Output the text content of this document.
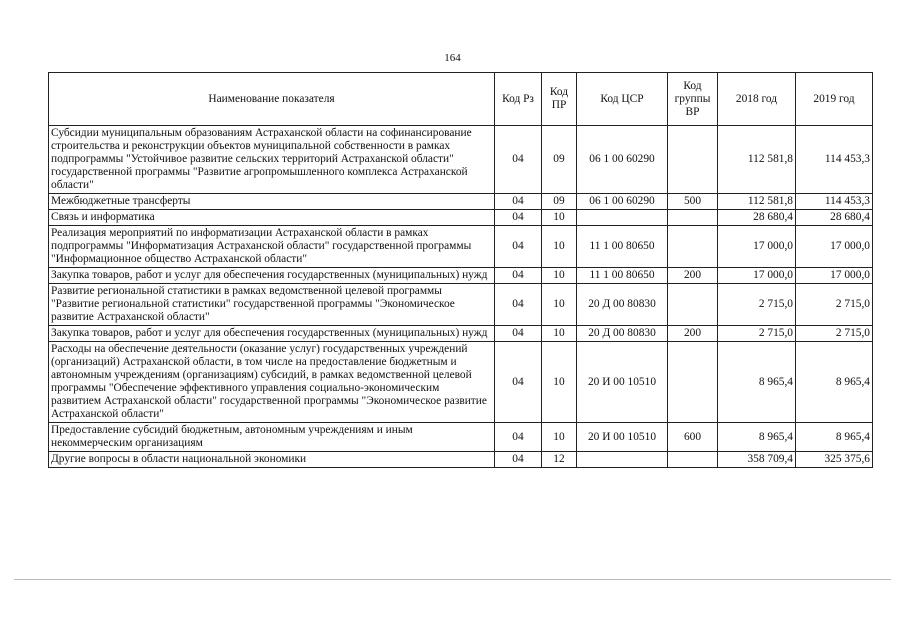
164
Наименование показателя	Код Рз	Код ПР	Код ЦСР	Код группы ВР	2018 год	2019 год
Субсидии муниципальным образованиям Астраханской области на софинансирование строительства и реконструкции объектов муниципальной собственности в рамках подпрограммы "Устойчивое развитие сельских территорий Астраханской области" государственной программы "Развитие агропромышленного комплекса Астраханской области"	04	09	06 1 00 60290		112 581,8	114 453,3
Межбюджетные трансферты	04	09	06 1 00 60290	500	112 581,8	114 453,3
Связь и информатика	04	10			28 680,4	28 680,4
Реализация мероприятий по информатизации Астраханской области в рамках подпрограммы "Информатизация Астраханской области" государственной программы "Информационное общество Астраханской области"	04	10	11 1 00 80650		17 000,0	17 000,0
Закупка товаров, работ и услуг для обеспечения государственных (муниципальных) нужд	04	10	11 1 00 80650	200	17 000,0	17 000,0
Развитие региональной статистики в рамках ведомственной целевой программы "Развитие региональной статистики" государственной программы "Экономическое развитие Астраханской области"	04	10	20 Д 00 80830		2 715,0	2 715,0
Закупка товаров, работ и услуг для обеспечения государственных (муниципальных) нужд	04	10	20 Д 00 80830	200	2 715,0	2 715,0
Расходы на обеспечение деятельности (оказание услуг) государственных учреждений (организаций) Астраханской области, в том числе на предоставление бюджетным и автономным учреждениям (организациям) субсидий, в рамках ведомственной целевой программы "Обеспечение эффективного управления социально-экономическим развитием Астраханской области" государственной программы "Экономическое развитие Астраханской области"	04	10	20 И 00 10510		8 965,4	8 965,4
Предоставление субсидий бюджетным, автономным учреждениям и иным некоммерческим организациям	04	10	20 И 00 10510	600	8 965,4	8 965,4
Другие вопросы в области национальной экономики	04	12			358 709,4	325 375,6
